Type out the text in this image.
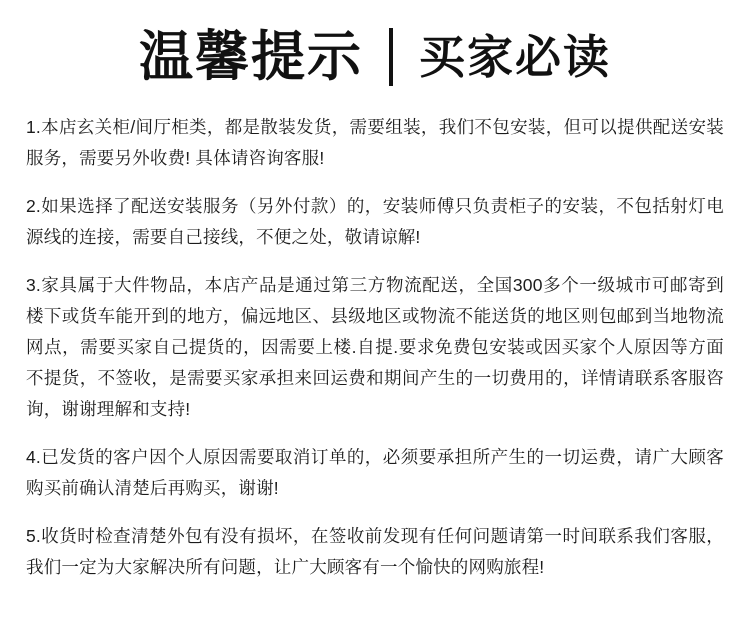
温馨提示	买家必读

1.本店玄关柜/间厅柜类，都是散装发货，需要组装，我们不包安装，但可以提供配送安装服务，需要另外收费! 具体请咨询客服!

2.如果选择了配送安装服务（另外付款）的，安装师傅只负责柜子的安装，不包括射灯电源线的连接，需要自己接线，不便之处，敬请谅解!

3.家具属于大件物品，本店产品是通过第三方物流配送，全国300多个一级城市可邮寄到楼下或货车能开到的地方，偏远地区、县级地区或物流不能送货的地区则包邮到当地物流网点，需要买家自己提货的，因需要上楼.自提.要求免费包安装或因买家个人原因等方面不提货，不签收，是需要买家承担来回运费和期间产生的一切费用的，详情请联系客服咨询，谢谢理解和支持!

4.已发货的客户因个人原因需要取消订单的，必须要承担所产生的一切运费，请广大顾客购买前确认清楚后再购买，谢谢!

5.收货时检查清楚外包有没有损坏，在签收前发现有任何问题请第一时间联系我们客服，我们一定为大家解决所有问题，让广大顾客有一个愉快的网购旅程!
